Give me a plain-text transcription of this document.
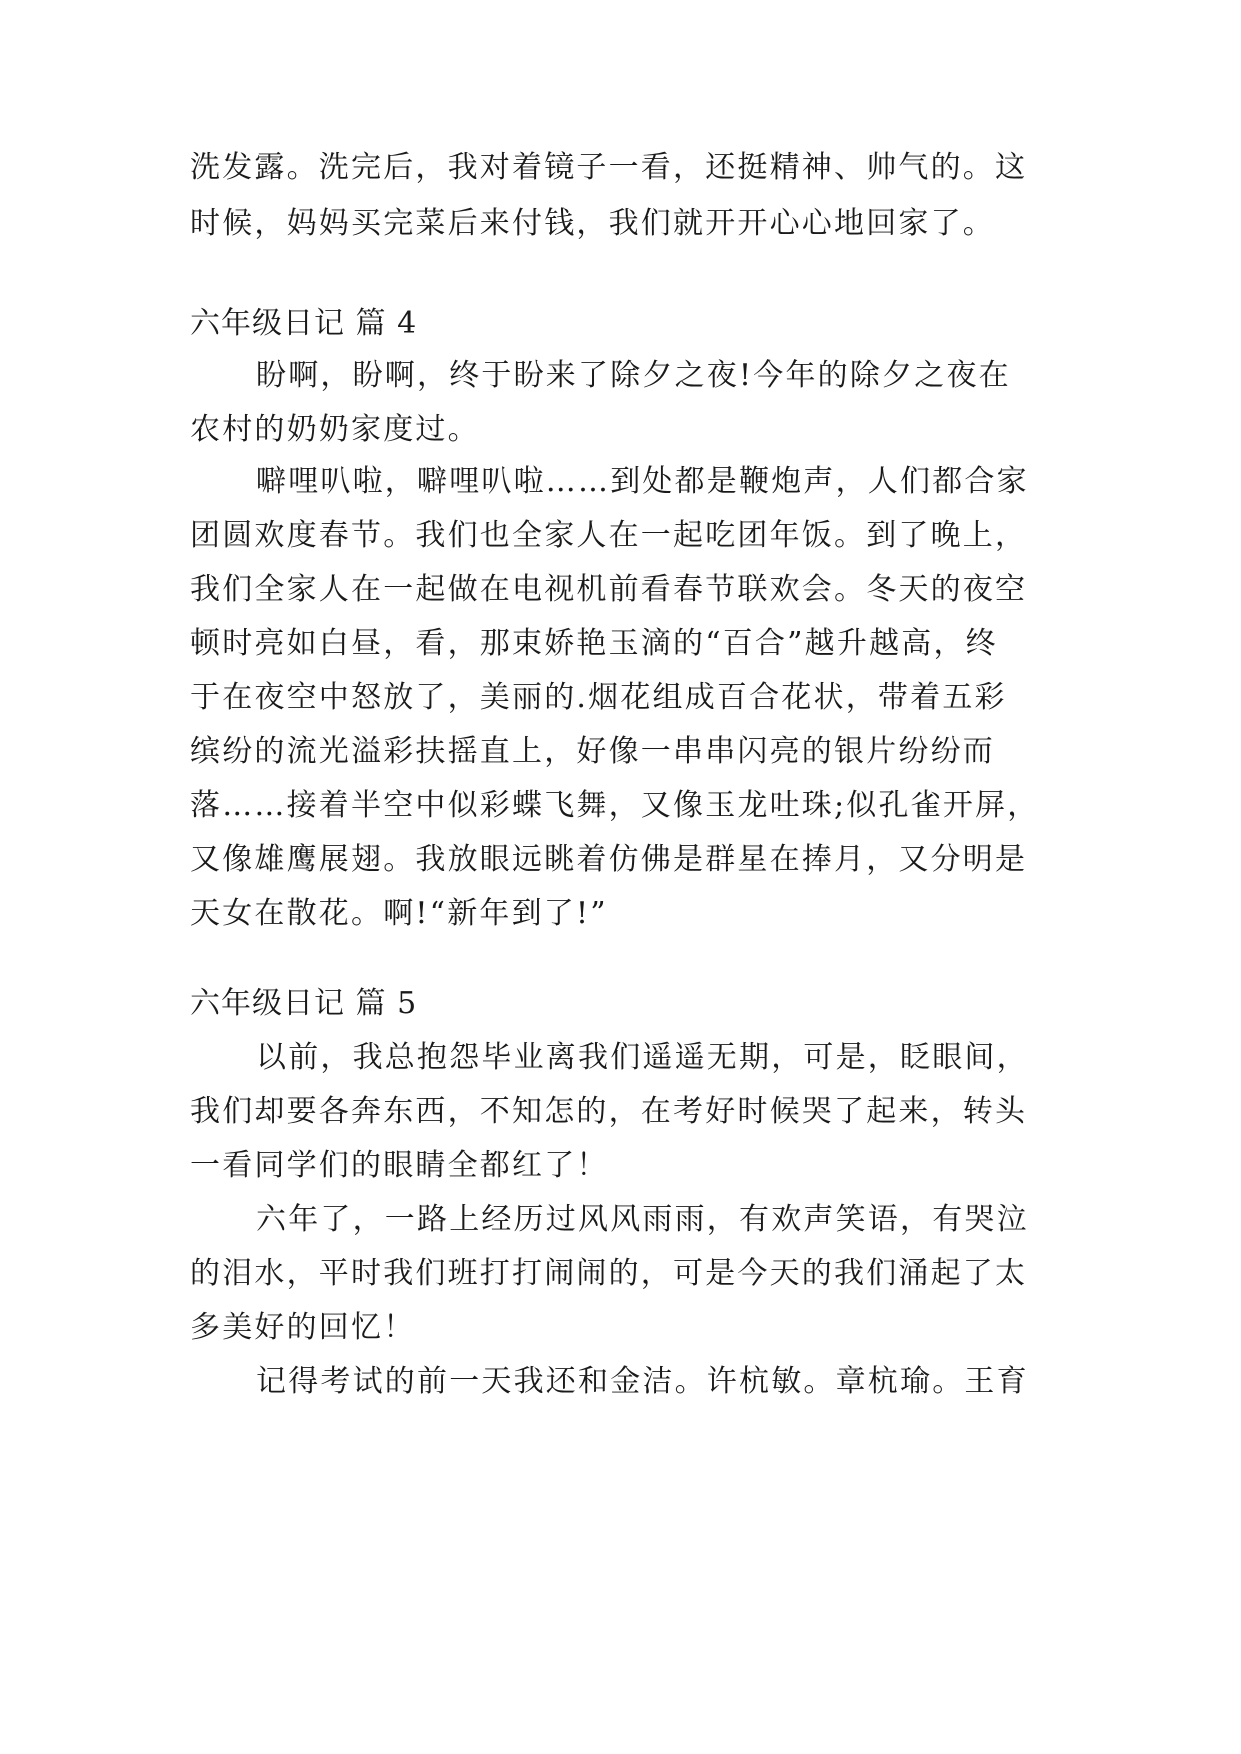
洗发露。洗完后，我对着镜子一看，还挺精神、帅气的。这
时候，妈妈买完菜后来付钱，我们就开开心心地回家了。
六年级日记 篇 4
盼啊，盼啊，终于盼来了除夕之夜!今年的除夕之夜在
农村的奶奶家度过。
噼哩叭啦，噼哩叭啦……到处都是鞭炮声，人们都合家
团圆欢度春节。我们也全家人在一起吃团年饭。到了晚上，
我们全家人在一起做在电视机前看春节联欢会。冬天的夜空
顿时亮如白昼，看，那束娇艳玉滴的“百合”越升越高，终
于在夜空中怒放了，美丽的.烟花组成百合花状，带着五彩
缤纷的流光溢彩扶摇直上，好像一串串闪亮的银片纷纷而
落……接着半空中似彩蝶飞舞，又像玉龙吐珠;似孔雀开屏，
又像雄鹰展翅。我放眼远眺着仿佛是群星在捧月，又分明是
天女在散花。啊!“新年到了!”
六年级日记 篇 5
以前，我总抱怨毕业离我们遥遥无期，可是，眨眼间，
我们却要各奔东西，不知怎的，在考好时候哭了起来，转头
一看同学们的眼睛全都红了！
六年了，一路上经历过风风雨雨，有欢声笑语，有哭泣
的泪水，平时我们班打打闹闹的，可是今天的我们涌起了太
多美好的回忆！
记得考试的前一天我还和金洁。许杭敏。章杭瑜。王育
